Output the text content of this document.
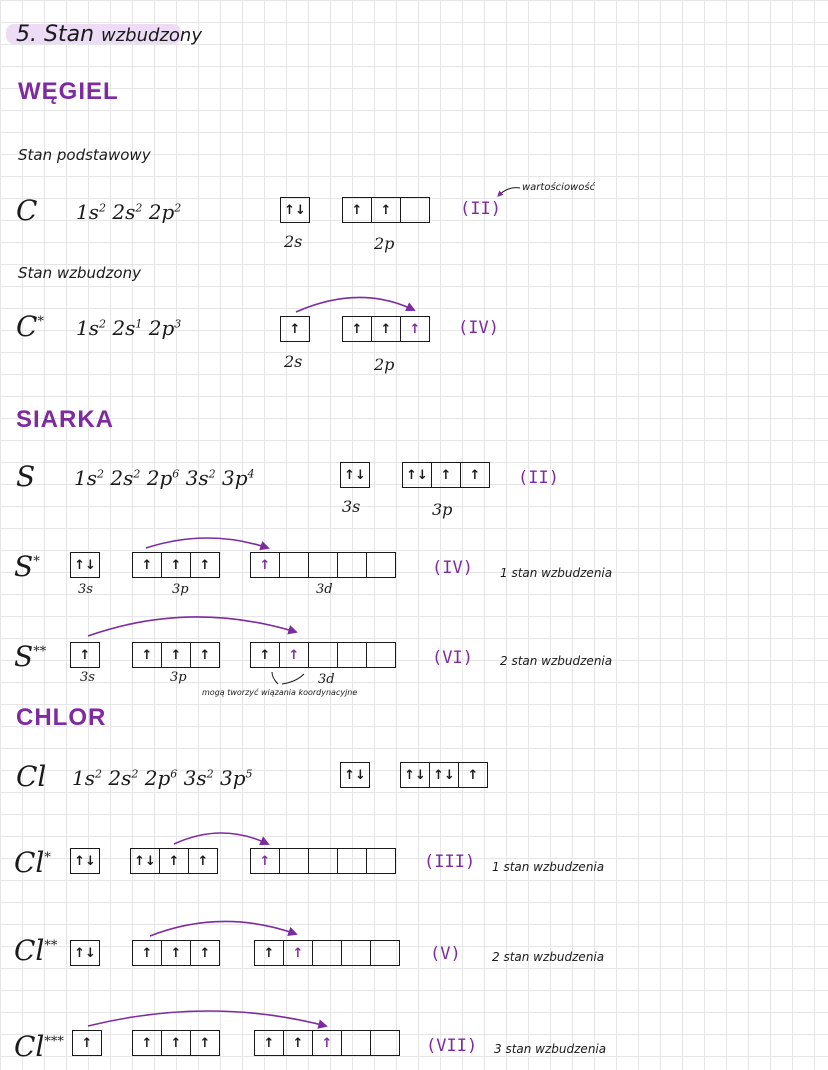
5. Stan wzbudzony
WĘGIEL
Stan podstawowy
C $1s^2$ $2s^2$ $2p^2$	↑↓	↑	↑
2s	2p
(II)
wartościowość
Stan wzbudzony
C* $1s^2$ $2s^1$ $2p^3$	↑	↑	↑	↑
2s	2p
(IV)
SIARKA
S $1s^2$ $2s^2$ $2p^6$ $3s^2$ $3p^4$	↑↓	↑↓ ↑	↑
3s	3p
(II)
S*	↑↓	↑	↑	↑	↑
3s	3p	3d
(IV) 1 stan wzbudzenia
S**	↑	↑	↑	↑	↑	↑
3s	3p	3d
mogą tworzyć wiązania koordynacyjne
(VI) 2 stan wzbudzenia
CHLOR
Cl $1s^2$ $2s^2$ $2p^6$ $3s^2$ $3p^5$	↑↓	↑↓ ↑↓ ↑
Cl* ↑↓	↑↓ ↑	↑	↑	(III) 1 stan wzbudzenia
Cl** ↑↓	↑	↑	↑	↑	↑	(V)	2 stan wzbudzenia
Cl***	↑	↑	↑	↑	↑	↑	↑	(VII) 3 stan wzbudzenia
